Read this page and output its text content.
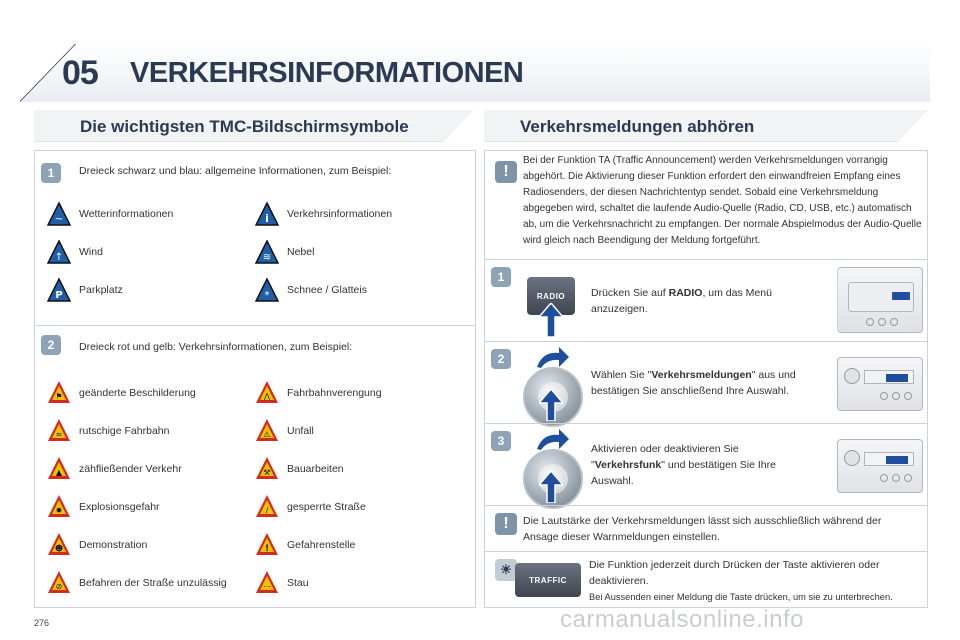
05 VERKEHRSINFORMATIONEN
Die wichtigsten TMC-Bildschirmsymbole	Verkehrsmeldungen abhören
1	Dreieck schwarz und blau: allgemeine Informationen, zum Beispiel:
~ Wetterinformationen	i Verkehrsinformationen
↑ Wind	≋ Nebel
P Parkplatz	* Schnee / Glatteis
2	Dreieck rot und gelb: Verkehrsinformationen, zum Beispiel:
⚑ geänderte Beschilderung	⋀ Fahrbahnverengung
≈ rutschige Fahrbahn	⚠ Unfall
▲ zähfließender Verkehr	⚒ Bauarbeiten
✹ Explosionsgefahr	/ gesperrte Straße
☻ Demonstration	! Gefahrenstelle
⊘ Befahren der Straße unzulässig	⋯ Stau
!
Bei der Funktion TA (Traffic Announcement) werden Verkehrsmeldungen vorrangig abgehört. Die Aktivierung dieser Funktion erfordert den einwandfreien Empfang eines Radiosenders, der diesen Nachrichtentyp sendet. Sobald eine Verkehrsmeldung abgegeben wird, schaltet die laufende Audio-Quelle (Radio, CD, USB, etc.) automatisch ab, um die Verkehrsnachricht zu empfangen. Der normale Abspielmodus der Audio-Quelle wird gleich nach Beendigung der Meldung fortgeführt.
1
RADIO	Drücken Sie auf RADIO, um das Menü anzuzeigen.
2
Wählen Sie "Verkehrsmeldungen" aus und bestätigen Sie anschließend Ihre Auswahl.
3
Aktivieren oder deaktivieren Sie "Verkehrsfunk" und bestätigen Sie Ihre Auswahl.
!	Die Lautstärke der Verkehrsmeldungen lässt sich ausschließlich während der Ansage dieser Warnmeldungen einstellen.
☀
TRAFFIC
Die Funktion jederzeit durch Drücken der Taste aktivieren oder deaktivieren.
Bei Aussenden einer Meldung die Taste drücken, um sie zu unterbrechen.
276	carmanualsonline.info
